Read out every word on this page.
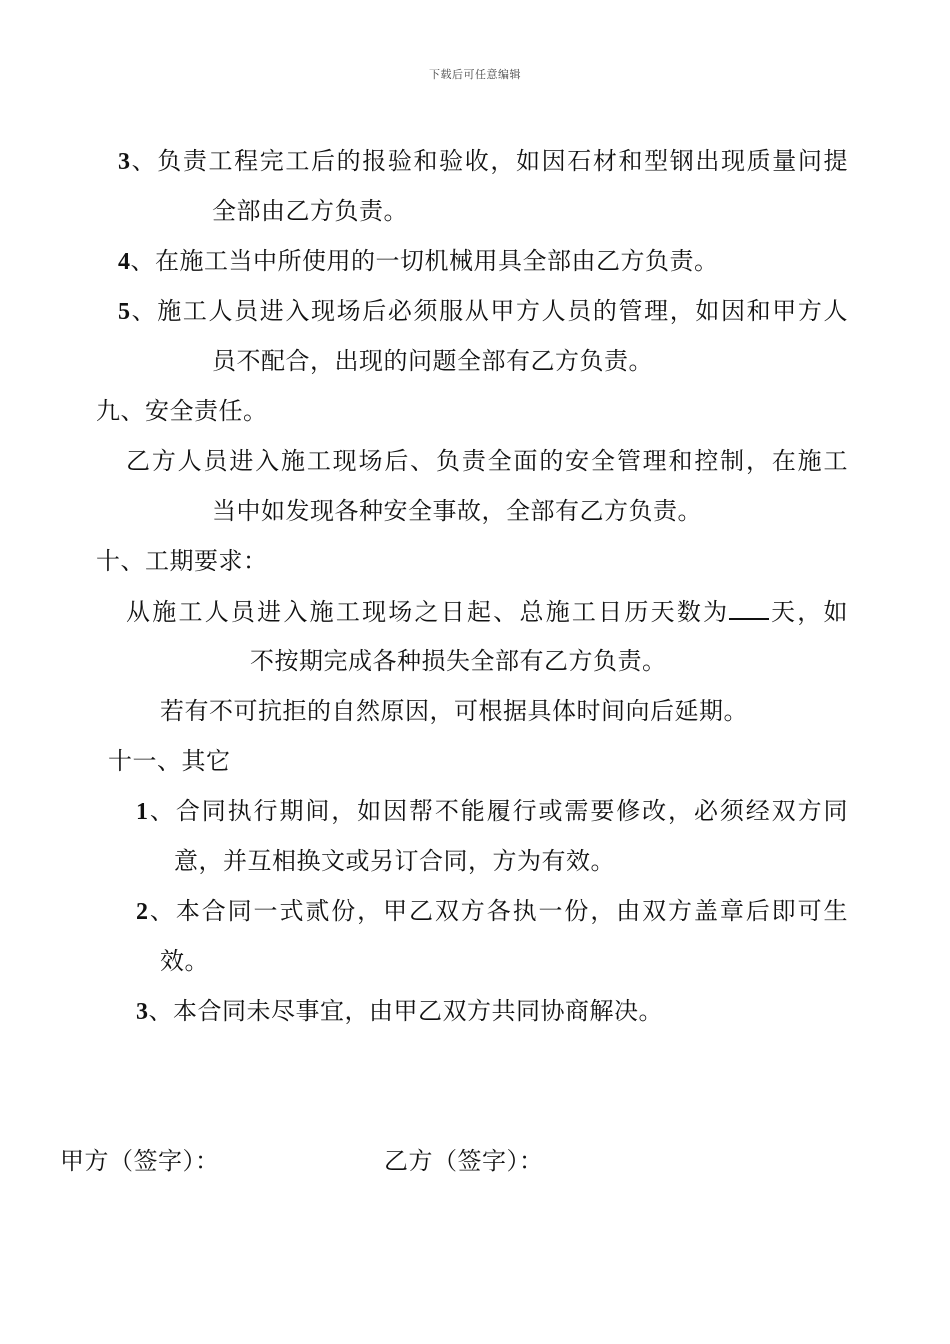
下载后可任意编辑
3、负责工程完工后的报验和验收，如因石材和型钢出现质量问提
全部由乙方负责。
4、在施工当中所使用的一切机械用具全部由乙方负责。
5、施工人员进入现场后必须服从甲方人员的管理，如因和甲方人
员不配合，出现的问题全部有乙方负责。
九、安全责任。
乙方人员进入施工现场后、负责全面的安全管理和控制，在施工
当中如发现各种安全事故，全部有乙方负责。
十、工期要求：
从施工人员进入施工现场之日起、总施工日历天数为 天，如
不按期完成各种损失全部有乙方负责。
若有不可抗拒的自然原因，可根据具体时间向后延期。
十一、其它
1、合同执行期间，如因帮不能履行或需要修改，必须经双方同
意，并互相换文或另订合同，方为有效。
2、本合同一式贰份，甲乙双方各执一份，由双方盖章后即可生
效。
3、本合同未尽事宜，由甲乙双方共同协商解决。
甲方（签字）：	乙方（签字）：
